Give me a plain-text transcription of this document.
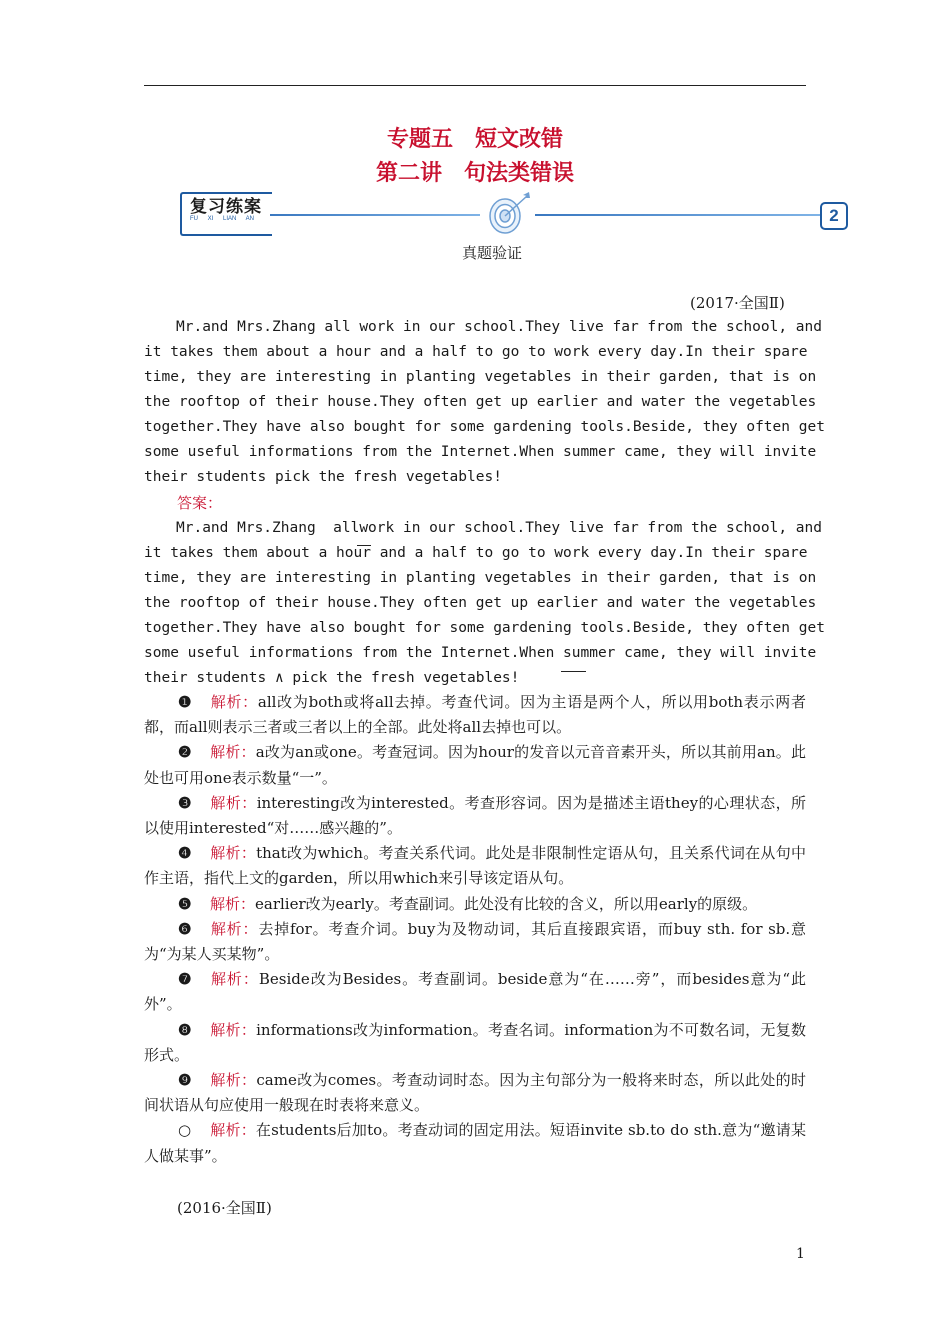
专题五　短文改错
第二讲　句法类错误
复习练案
FU XI LIAN AN	2
真题验证
(2017·全国Ⅱ)
Mr.and Mrs.Zhang all work in our school.They live far from the school, and
it takes them about a hour and a half to go to work every day.In their spare
time, they are interesting in planting vegetables in their garden, that is on
the rooftop of their house.They often get up earlier and water the vegetables
together.They have also bought for some gardening tools.Beside, they often get
some useful informations from the Internet.When summer came, they will invite
their students pick the fresh vegetables!
答案：
Mr.and Mrs.Zhang  allwork in our school.They live far from the school, and
it takes them about a hour and a half to go to work every day.In their spare
time, they are interesting in planting vegetables in their garden, that is on
the rooftop of their house.They often get up earlier and water the vegetables
together.They have also bought for some gardening tools.Beside, they often get
some useful informations from the Internet.When summer came, they will invite
their students ∧ pick the fresh vegetables!

❶ 解析：all改为both或将all去掉。考查代词。因为主语是两个人，所以用both表示两者都，而all则表示三者或三者以上的全部。此处将all去掉也可以。

❷ 解析：a改为an或one。考查冠词。因为hour的发音以元音音素开头，所以其前用an。此处也可用one表示数量“一”。

❸ 解析：interesting改为interested。考查形容词。因为是描述主语they的心理状态，所以使用interested“对……感兴趣的”。

❹ 解析：that改为which。考查关系代词。此处是非限制性定语从句，且关系代词在从句中作主语，指代上文的garden，所以用which来引导该定语从句。

❺ 解析：earlier改为early。考查副词。此处没有比较的含义，所以用early的原级。

❻ 解析：去掉for。考查介词。buy为及物动词，其后直接跟宾语，而buy sth. for sb.意为“为某人买某物”。

❼ 解析：Beside改为Besides。考查副词。beside意为“在……旁”，而besides意为“此外”。

❽ 解析：informations改为information。考查名词。information为不可数名词，无复数形式。

❾ 解析：came改为comes。考查动词时态。因为主句部分为一般将来时态，所以此处的时间状语从句应使用一般现在时表将来意义。

○ 解析：在students后加to。考查动词的固定用法。短语invite sb.to do sth.意为“邀请某人做某事”。

(2016·全国Ⅱ)
1
